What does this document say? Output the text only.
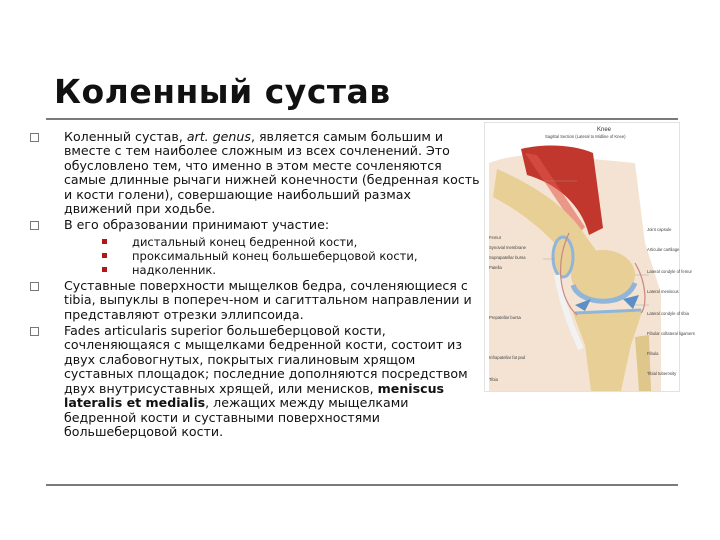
Коленный сустав

Коленный сустав, art. genus, является самым большим и вместе с тем наиболее сложным из всех сочленений. Это обусловлено тем, что именно в этом месте сочленяются самые длинные рычаги нижней конечности (бедренная кость и кости голени), совершающие наибольший размах движений при ходьбе.

В его образовании принимают участие:
дистальный конец бедренной кости,
проксимальный конец большеберцовой кости,
надколенник.

Суставные поверхности мыщелков бедра, сочленяющиеся с tibia, выпуклы в попереч-ном и сагиттальном направлении и представляют отрезки эллипсоида.

Fades articularis superior большеберцовой кости, сочленяющаяся с мыщелками бедренной кости, состоит из двух слабовогнутых, покрытых гиалиновым хрящом суставных площадок; последние дополняются посредством двух внутрисуставных хрящей, или менисков, meniscus lateralis et medialis, лежащих между мыщелками бедренной кости и суставными поверхностями большеберцовой кости.

Knee
Sagittal Section (Lateral to Midline of Knee)
Femur
Synovial membrane
Suprapatellar bursa
Patella
Prepatellar bursa
Infrapatellar fat pad
Tibia
Joint capsule
Articular cartilage
Lateral condyle of femur
Lateral meniscus
Lateral condyle of tibia
Fibular collateral ligament
Fibula
Tibial tuberosity
